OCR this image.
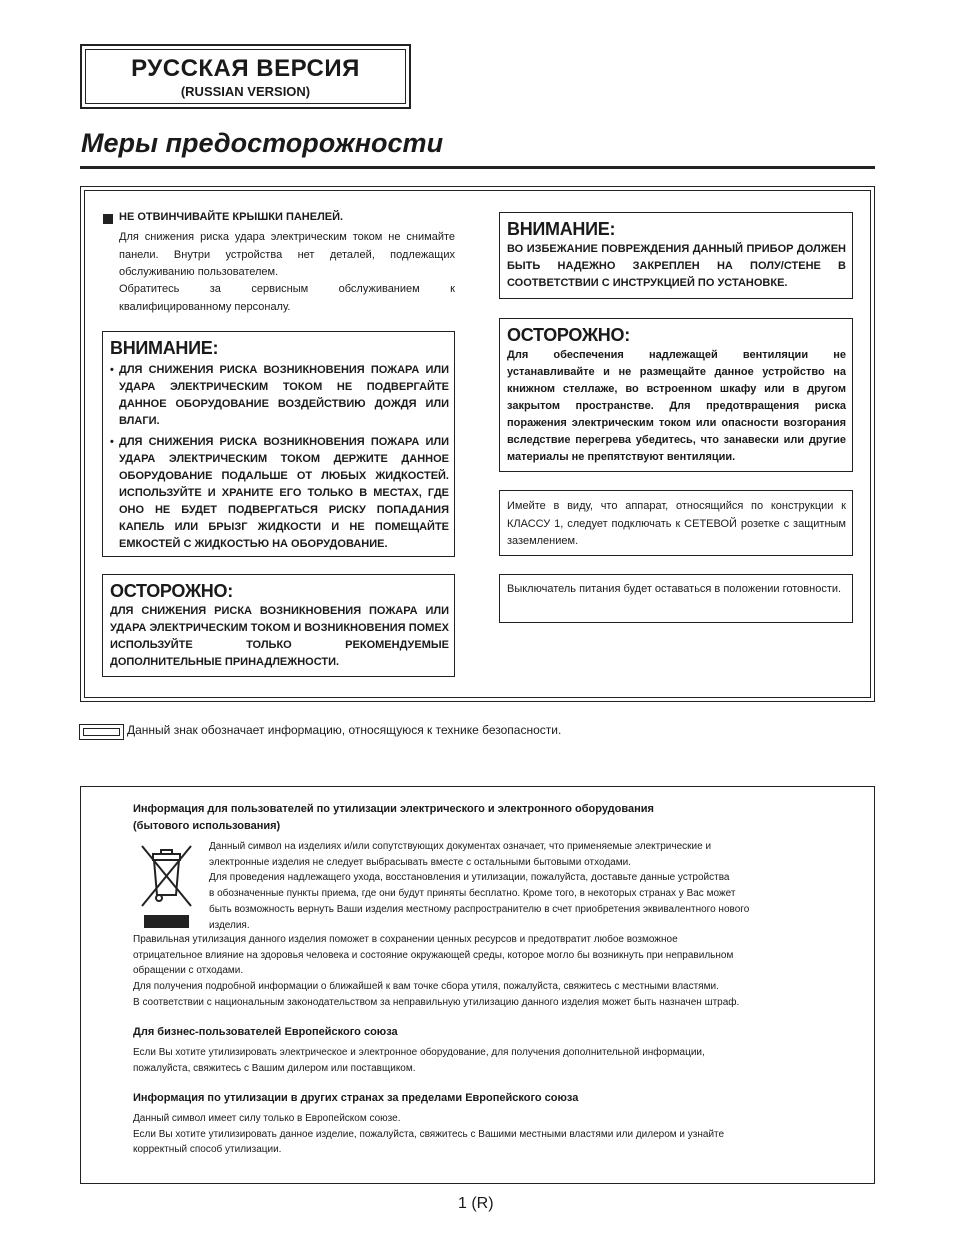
РУССКАЯ ВЕРСИЯ
(RUSSIAN VERSION)
Меры предосторожности
НЕ ОТВИНЧИВАЙТЕ КРЫШКИ ПАНЕЛЕЙ.
Для снижения риска удара электрическим током не снимайте панели. Внутри устройства нет деталей, подлежащих обслуживанию пользователем.
Обратитесь за сервисным обслуживанием к квалифицированному персоналу.
ВНИМАНИЕ:
• ДЛЯ СНИЖЕНИЯ РИСКА ВОЗНИКНОВЕНИЯ ПОЖАРА ИЛИ УДАРА ЭЛЕКТРИЧЕСКИМ ТОКОМ НЕ ПОДВЕРГАЙТЕ ДАННОЕ ОБОРУДОВАНИЕ ВОЗДЕЙСТВИЮ ДОЖДЯ ИЛИ ВЛАГИ.
• ДЛЯ СНИЖЕНИЯ РИСКА ВОЗНИКНОВЕНИЯ ПОЖАРА ИЛИ УДАРА ЭЛЕКТРИЧЕСКИМ ТОКОМ ДЕРЖИТЕ ДАННОЕ ОБОРУДОВАНИЕ ПОДАЛЬШЕ ОТ ЛЮБЫХ ЖИДКОСТЕЙ. ИСПОЛЬЗУЙТЕ И ХРАНИТЕ ЕГО ТОЛЬКО В МЕСТАХ, ГДЕ ОНО НЕ БУДЕТ ПОДВЕРГАТЬСЯ РИСКУ ПОПАДАНИЯ КАПЕЛЬ ИЛИ БРЫЗГ ЖИДКОСТИ И НЕ ПОМЕЩАЙТЕ ЕМКОСТЕЙ С ЖИДКОСТЬЮ НА ОБОРУДОВАНИЕ.
ОСТОРОЖНО:
ДЛЯ СНИЖЕНИЯ РИСКА ВОЗНИКНОВЕНИЯ ПОЖАРА ИЛИ УДАРА ЭЛЕКТРИЧЕСКИМ ТОКОМ И ВОЗНИКНОВЕНИЯ ПОМЕХ ИСПОЛЬЗУЙТЕ ТОЛЬКО РЕКОМЕНДУЕМЫЕ ДОПОЛНИТЕЛЬНЫЕ ПРИНАДЛЕЖНОСТИ.
ВНИМАНИЕ:
ВО ИЗБЕЖАНИЕ ПОВРЕЖДЕНИЯ ДАННЫЙ ПРИБОР ДОЛЖЕН БЫТЬ НАДЕЖНО ЗАКРЕПЛЕН НА ПОЛУ/СТЕНЕ В СООТВЕТСТВИИ С ИНСТРУКЦИЕЙ ПО УСТАНОВКЕ.
ОСТОРОЖНО:
Для обеспечения надлежащей вентиляции не устанавливайте и не размещайте данное устройство на книжном стеллаже, во встроенном шкафу или в другом закрытом пространстве. Для предотвращения риска поражения электрическим током или опасности возгорания вследствие перегрева убедитесь, что занавески или другие материалы не препятствуют вентиляции.
Имейте в виду, что аппарат, относящийся по конструкции к КЛАССУ 1, следует подключать к СЕТЕВОЙ розетке с защитным заземлением.
Выключатель питания будет оставаться в положении готовности.
Данный знак обозначает информацию, относящуюся к технике безопасности.
Информация для пользователей по утилизации электрического и электронного оборудования
(бытового использования)
Данный символ на изделиях и/или сопутствующих документах означает, что применяемые электрические и
электронные изделия не следует выбрасывать вместе с остальными бытовыми отходами.
Для проведения надлежащего ухода, восстановления и утилизации, пожалуйста, доставьте данные устройства
в обозначенные пункты приема, где они будут приняты бесплатно. Кроме того, в некоторых странах у Вас может
быть возможность вернуть Ваши изделия местному распространителю в счет приобретения эквивалентного нового
изделия.
Правильная утилизация данного изделия поможет в сохранении ценных ресурсов и предотвратит любое возможное
отрицательное влияние на здоровья человека и состояние окружающей среды, которое могло бы возникнуть при неправильном
обращении с отходами.
Для получения подробной информации о ближайшей к вам точке сбора утиля, пожалуйста, свяжитесь с местными властями.
В соответствии с национальным законодательством за неправильную утилизацию данного изделия может быть назначен штраф.
Для бизнес-пользователей Европейского союза
Если Вы хотите утилизировать электрическое и электронное оборудование, для получения дополнительной информации,
пожалуйста, свяжитесь с Вашим дилером или поставщиком.
Информация по утилизации в других странах за пределами Европейского союза
Данный символ имеет силу только в Европейском союзе.
Если Вы хотите утилизировать данное изделие, пожалуйста, свяжитесь с Вашими местными властями или дилером и узнайте
корректный способ утилизации.
1 (R)
